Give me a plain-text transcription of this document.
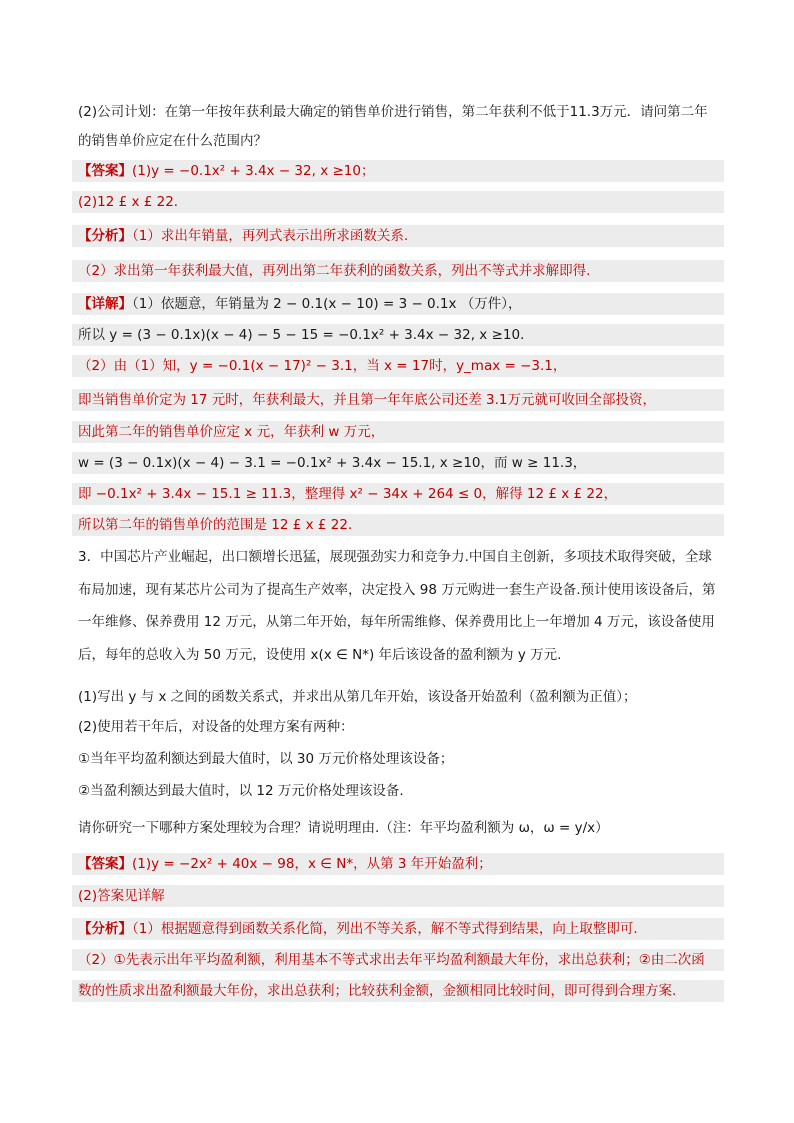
(2)公司计划：在第一年按年获利最大确定的销售单价进行销售，第二年获利不低于11.3万元．请问第二年
的销售单价应定在什么范围内？
【答案】(1)y = −0.1x² + 3.4x − 32, x ≥10；
(2)12 £ x £ 22．
【分析】（1）求出年销量，再列式表示出所求函数关系.
（2）求出第一年获利最大值，再列出第二年获利的函数关系，列出不等式并求解即得.
【详解】（1）依题意，年销量为 2 − 0.1(x − 10) = 3 − 0.1x （万件），
所以 y = (3 − 0.1x)(x − 4) − 5 − 15 = −0.1x² + 3.4x − 32, x ≥10．
（2）由（1）知，y = −0.1(x − 17)² − 3.1，当 x = 17时，y_max = −3.1，
即当销售单价定为 17 元时，年获利最大，并且第一年年底公司还差 3.1万元就可收回全部投资，
因此第二年的销售单价应定 x 元，年获利 w 万元，
w = (3 − 0.1x)(x − 4) − 3.1 = −0.1x² + 3.4x − 15.1, x ≥10，而 w ≥ 11.3，
即 −0.1x² + 3.4x − 15.1 ≥ 11.3，整理得 x² − 34x + 264 ≤ 0，解得 12 £ x £ 22，
所以第二年的销售单价的范围是 12 £ x £ 22．
3．中国芯片产业崛起，出口额增长迅猛，展现强劲实力和竞争力.中国自主创新，多项技术取得突破，全球
布局加速，现有某芯片公司为了提高生产效率，决定投入 98 万元购进一套生产设备.预计使用该设备后，第
一年维修、保养费用 12 万元，从第二年开始，每年所需维修、保养费用比上一年增加 4 万元，该设备使用
后，每年的总收入为 50 万元，设使用 x(x ∈ N*) 年后该设备的盈利额为 y 万元.
(1)写出 y 与 x 之间的函数关系式，并求出从第几年开始，该设备开始盈利（盈利额为正值）；
(2)使用若干年后，对设备的处理方案有两种：
①当年平均盈利额达到最大值时，以 30 万元价格处理该设备；
②当盈利额达到最大值时，以 12 万元价格处理该设备.
请你研究一下哪种方案处理较为合理？请说明理由.（注：年平均盈利额为 ω，ω = y/x）
【答案】(1)y = −2x² + 40x − 98，x ∈ N*，从第 3 年开始盈利；
(2)答案见详解
【分析】（1）根据题意得到函数关系化简，列出不等关系，解不等式得到结果，向上取整即可.
（2）①先表示出年平均盈利额，利用基本不等式求出去年平均盈利额最大年份，求出总获利；②由二次函
数的性质求出盈利额最大年份，求出总获利；比较获利金额，金额相同比较时间，即可得到合理方案.
